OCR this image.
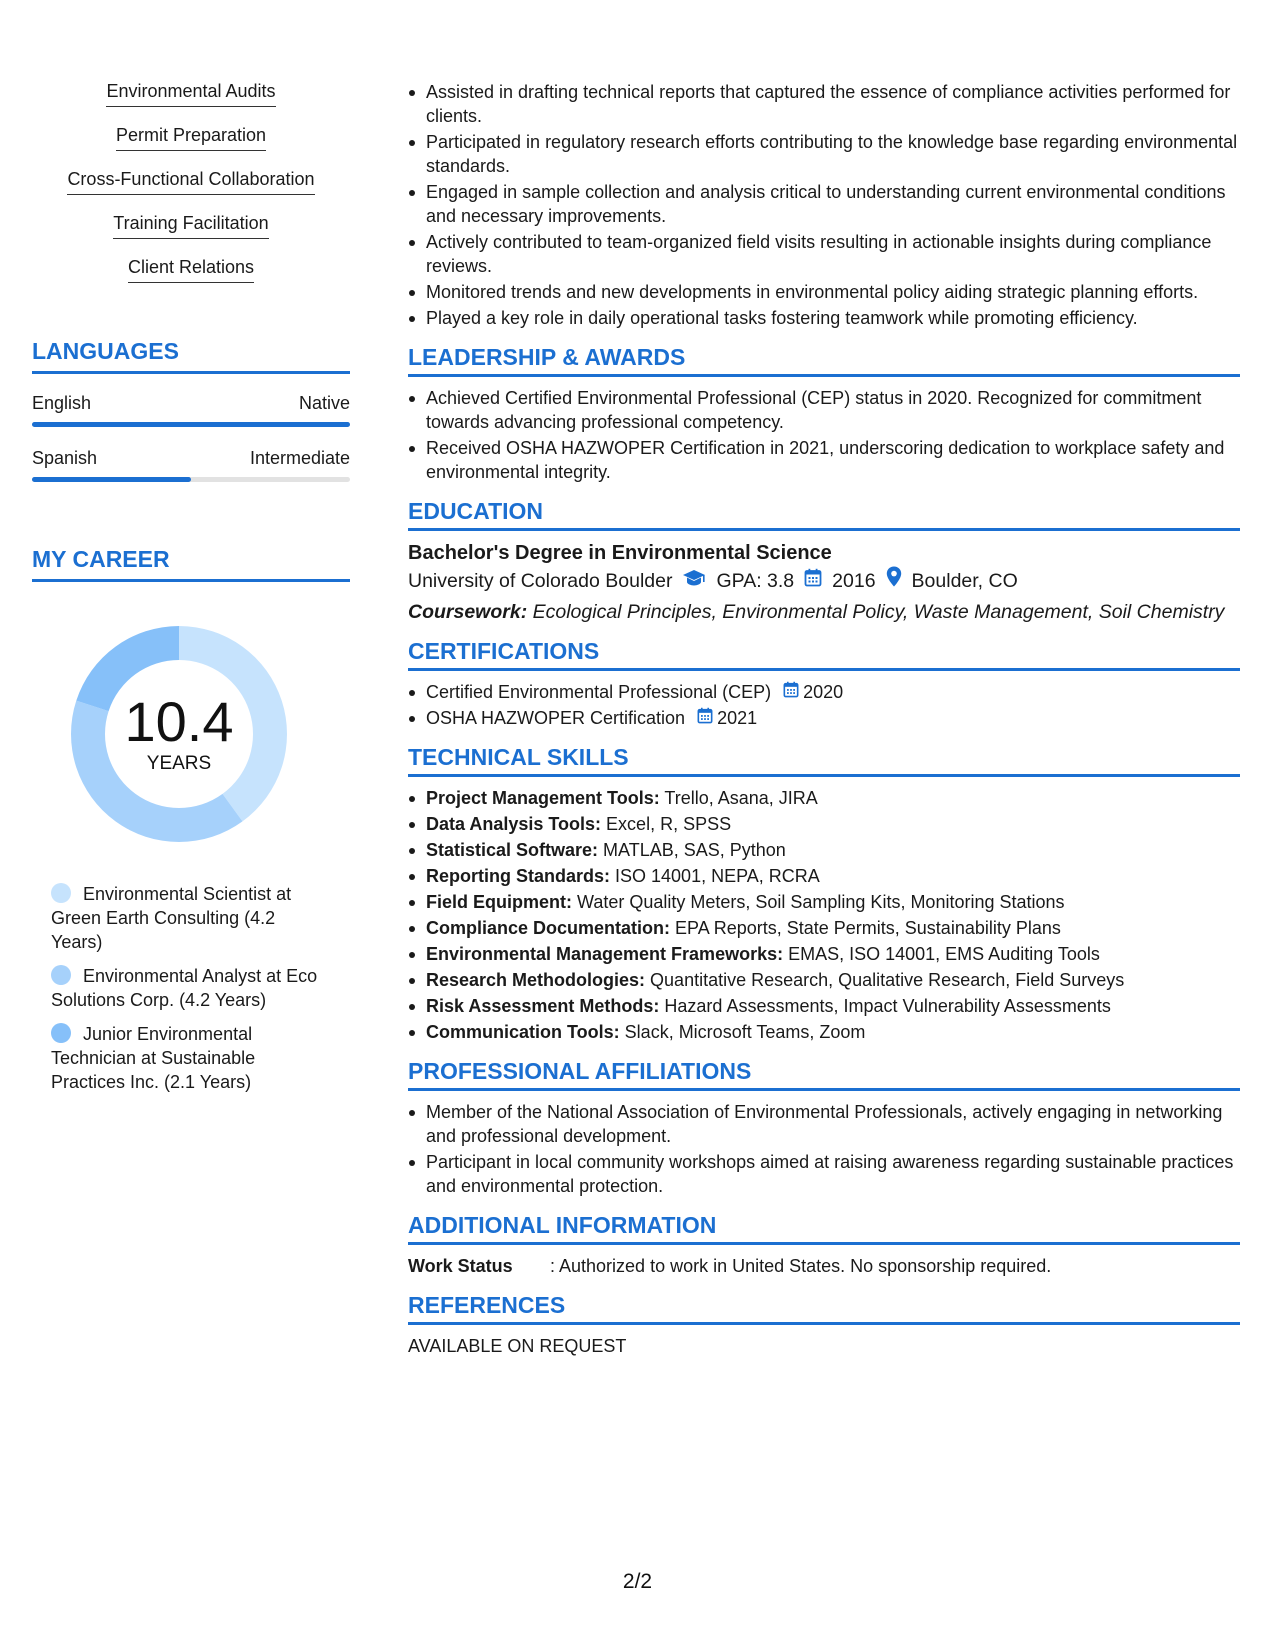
Environmental Audits
Permit Preparation
Cross-Functional Collaboration
Training Facilitation
Client Relations
LANGUAGES
English	Native
Spanish	Intermediate
MY CAREER
10.4
YEARS
Environmental Scientist at Green Earth Consulting (4.2 Years)
Environmental Analyst at Eco Solutions Corp. (4.2 Years)
Junior Environmental Technician at Sustainable Practices Inc. (2.1 Years)
Assisted in drafting technical reports that captured the essence of compliance activities performed for clients.
Participated in regulatory research efforts contributing to the knowledge base regarding environmental standards.
Engaged in sample collection and analysis critical to understanding current environmental conditions and necessary improvements.
Actively contributed to team-organized field visits resulting in actionable insights during compliance reviews.
Monitored trends and new developments in environmental policy aiding strategic planning efforts.
Played a key role in daily operational tasks fostering teamwork while promoting efficiency.
LEADERSHIP & AWARDS
Achieved Certified Environmental Professional (CEP) status in 2020. Recognized for commitment towards advancing professional competency.
Received OSHA HAZWOPER Certification in 2021, underscoring dedication to workplace safety and environmental integrity.
EDUCATION
Bachelor's Degree in Environmental Science
University of Colorado Boulder GPA: 3.8 2016 Boulder, CO
Coursework: Ecological Principles, Environmental Policy, Waste Management, Soil Chemistry
CERTIFICATIONS
Certified Environmental Professional (CEP) 2020
OSHA HAZWOPER Certification 2021
TECHNICAL SKILLS
Project Management Tools: Trello, Asana, JIRA
Data Analysis Tools: Excel, R, SPSS
Statistical Software: MATLAB, SAS, Python
Reporting Standards: ISO 14001, NEPA, RCRA
Field Equipment: Water Quality Meters, Soil Sampling Kits, Monitoring Stations
Compliance Documentation: EPA Reports, State Permits, Sustainability Plans
Environmental Management Frameworks: EMAS, ISO 14001, EMS Auditing Tools
Research Methodologies: Quantitative Research, Qualitative Research, Field Surveys
Risk Assessment Methods: Hazard Assessments, Impact Vulnerability Assessments
Communication Tools: Slack, Microsoft Teams, Zoom
PROFESSIONAL AFFILIATIONS
Member of the National Association of Environmental Professionals, actively engaging in networking and professional development.
Participant in local community workshops aimed at raising awareness regarding sustainable practices and environmental protection.
ADDITIONAL INFORMATION
Work Status	: Authorized to work in United States. No sponsorship required.
REFERENCES
AVAILABLE ON REQUEST
2/2
